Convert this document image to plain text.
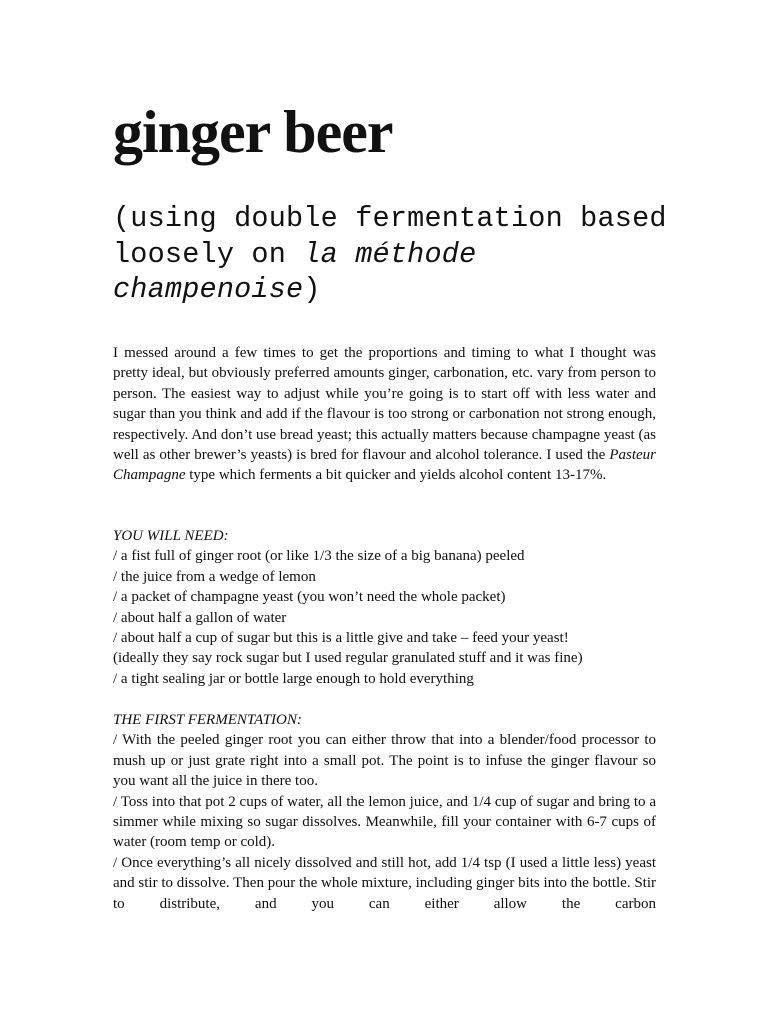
ginger beer
(using double fermentation based loosely on la méthode champenoise)

I messed around a few times to get the proportions and timing to what I thought was pretty ideal, but obviously preferred amounts ginger, carbonation, etc. vary from person to person. The easiest way to adjust while you’re going is to start off with less water and sugar than you think and add if the flavour is too strong or carbonation not strong enough, respectively. And don’t use bread yeast; this actually matters because champagne yeast (as well as other brewer’s yeasts) is bred for flavour and alcohol tolerance. I used the Pasteur Champagne type which ferments a bit quicker and yields alcohol content 13-17%.

YOU WILL NEED:
/ a fist full of ginger root (or like 1/3 the size of a big banana) peeled
/ the juice from a wedge of lemon
/ a packet of champagne yeast (you won’t need the whole packet)
/ about half a gallon of water
/ about half a cup of sugar but this is a little give and take – feed your yeast!
(ideally they say rock sugar but I used regular granulated stuff and it was fine)
/ a tight sealing jar or bottle large enough to hold everything
THE FIRST FERMENTATION:
/ With the peeled ginger root you can either throw that into a blender/food processor to mush up or just grate right into a small pot. The point is to infuse the ginger flavour so you want all the juice in there too.
/ Toss into that pot 2 cups of water, all the lemon juice, and 1/4 cup of sugar and bring to a simmer while mixing so sugar dissolves. Meanwhile, fill your container with 6-7 cups of water (room temp or cold).
/ Once everything’s all nicely dissolved and still hot, add 1/4 tsp (I used a little less) yeast and stir to dissolve. Then pour the whole mixture, including ginger bits into the bottle. Stir to distribute, and you can either allow the carbon
